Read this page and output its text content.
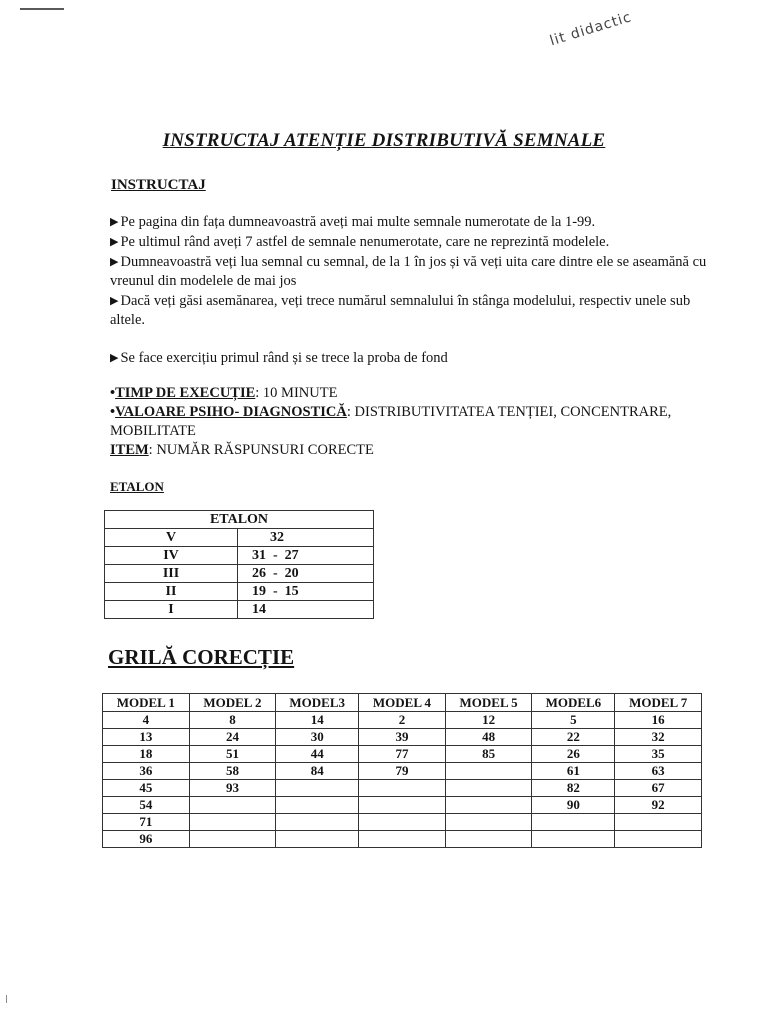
lit didactic
INSTRUCTAJ ATENȚIE DISTRIBUTIVĂ SEMNALE
INSTRUCTAJ

▶ Pe pagina din fața dumneavoastră aveți mai multe semnale numerotate de la 1-99.

▶ Pe ultimul rând aveți 7 astfel de semnale nenumerotate, care ne reprezintă modelele.

▶ Dumneavoastră veți lua semnal cu semnal, de la 1 în jos și vă veți uita care dintre ele se aseamănă cu vreunul din modelele de mai jos

▶ Dacă veți găsi asemănarea, veți trece numărul semnalului în stânga modelului, respectiv unele sub altele.

▶ Se face exercițiu primul rând și se trece la proba de fond

•TIMP DE EXECUȚIE: 10 MINUTE

•VALOARE PSIHO- DIAGNOSTICĂ: DISTRIBUTIVITATEA TENȚIEI, CONCENTRARE, MOBILITATE

ITEM: NUMĂR RĂSPUNSURI CORECTE

ETALON
ETALON	
V	32
IV	31  -  27
III	26  -  20
II	19  -  15
I	14
GRILĂ CORECȚIE
MODEL 1	MODEL 2	MODEL3	MODEL 4	MODEL 5	MODEL6	MODEL 7
4	8	14	2	12	5	16
13	24	30	39	48	22	32
18	51	44	77	85	26	35
36	58	84	79		61	63
45	93				82	67
54					90	92
71						
96						
